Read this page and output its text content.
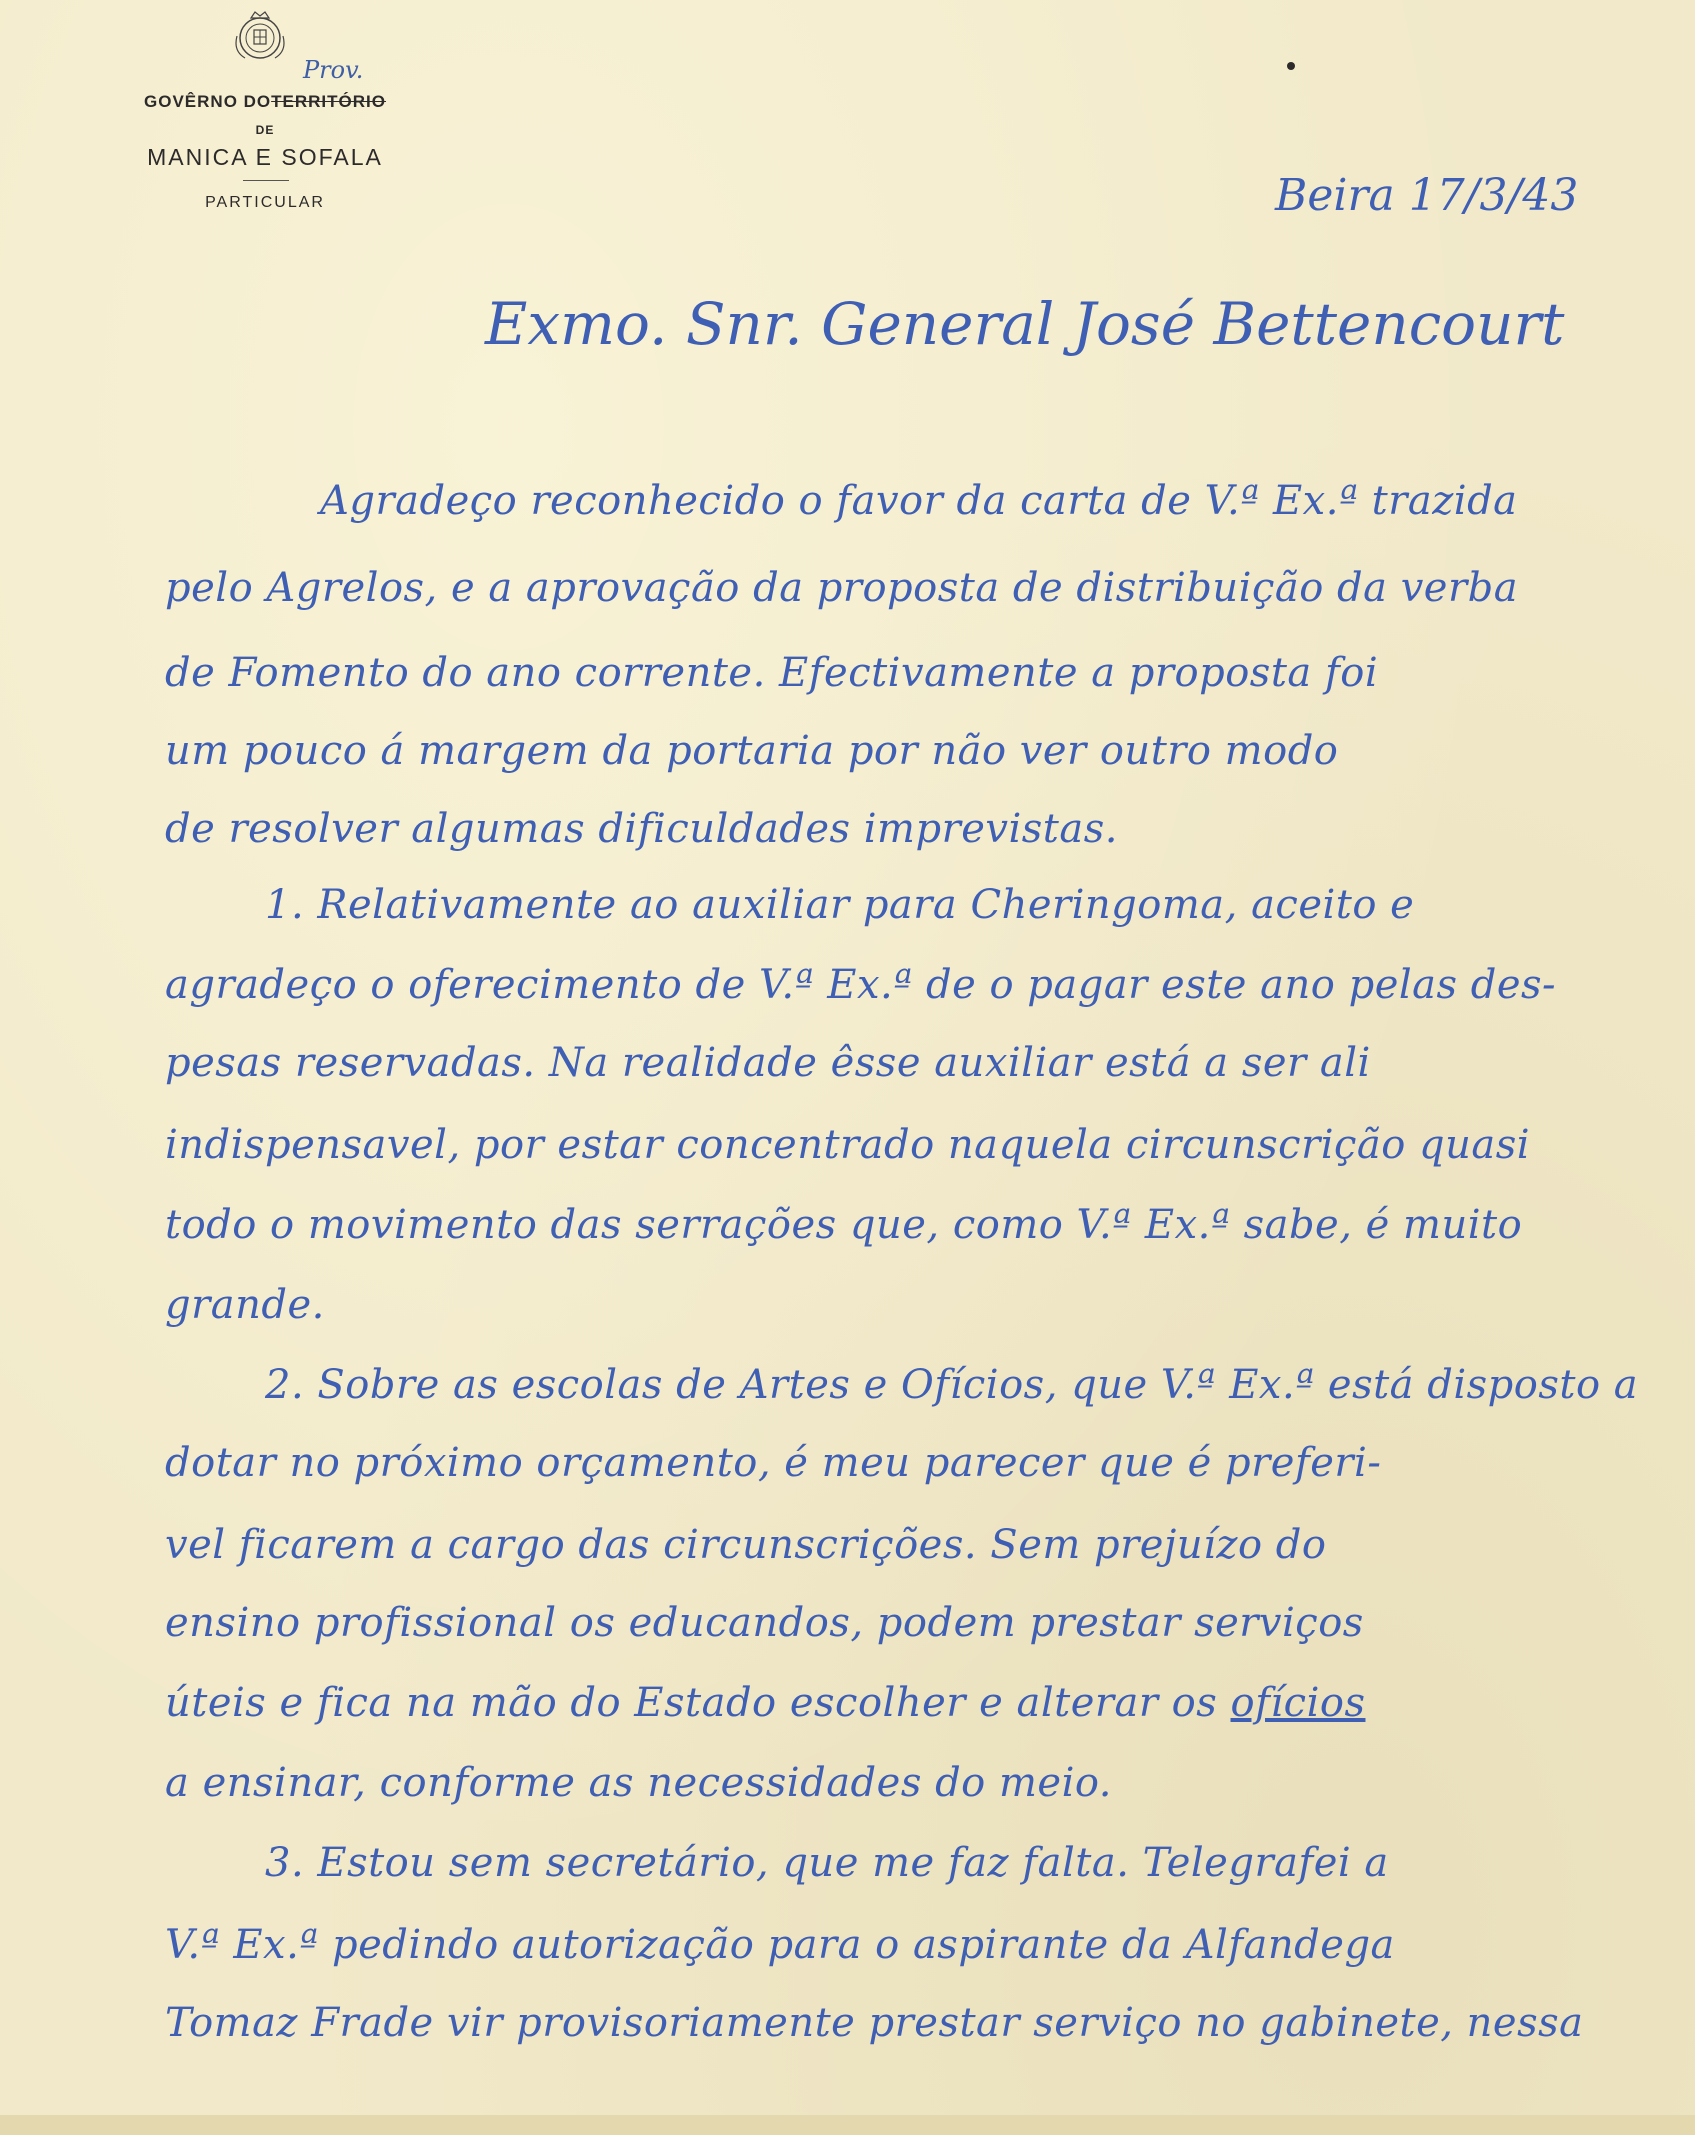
Prov.
GOVÊRNO DOTERRITÓRIO
DE
MANICA E SOFALA
PARTICULAR	Beira 17/3/43
Exmo. Snr. General José Bettencourt
Agradeço reconhecido o favor da carta de V.ª Ex.ª trazida
pelo Agrelos, e a aprovação da proposta de distribuição da verba
de Fomento do ano corrente. Efectivamente a proposta foi
um pouco á margem da portaria por não ver outro modo
de resolver algumas dificuldades imprevistas.
1. Relativamente ao auxiliar para Cheringoma, aceito e
agradeço o oferecimento de V.ª Ex.ª de o pagar este ano pelas des-
pesas reservadas. Na realidade êsse auxiliar está a ser ali
indispensavel, por estar concentrado naquela circunscrição quasi
todo o movimento das serrações que, como V.ª Ex.ª sabe, é muito
grande.
2. Sobre as escolas de Artes e Ofícios, que V.ª Ex.ª está disposto a
dotar no próximo orçamento, é meu parecer que é preferi-
vel ficarem a cargo das circunscrições. Sem prejuízo do
ensino profissional os educandos, podem prestar serviços
úteis e fica na mão do Estado escolher e alterar os ofícios
a ensinar, conforme as necessidades do meio.
3. Estou sem secretário, que me faz falta. Telegrafei a
V.ª Ex.ª pedindo autorização para o aspirante da Alfandega
Tomaz Frade vir provisoriamente prestar serviço no gabinete, nessa
